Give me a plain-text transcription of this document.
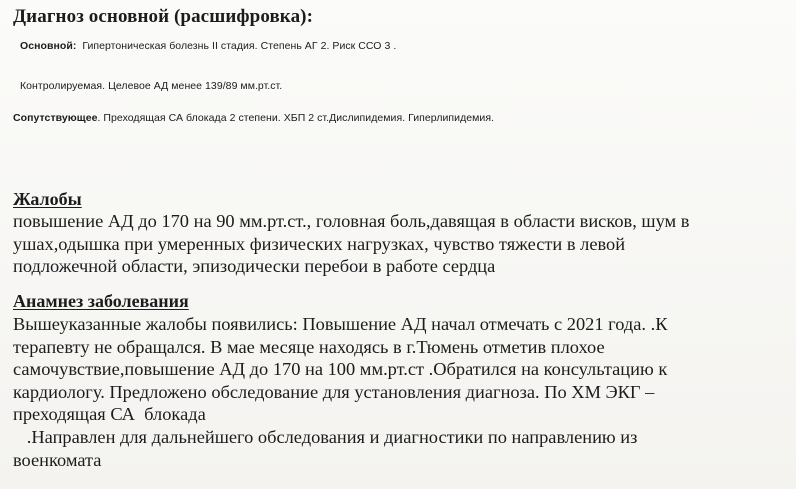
Диагноз основной (расшифровка):
Основной: Гипертоническая болезнь II стадия. Степень АГ 2. Риск ССО 3 .
Контролируемая. Целевое АД менее 139/89 мм.рт.ст.
Сопутствующее. Преходящая СА блокада 2 степени. ХБП 2 ст.Дислипидемия. Гиперлипидемия.
Жалобы
повышение АД до 170 на 90 мм.рт.ст., головная боль,давящая в области висков, шум в
ушах,одышка при умеренных физических нагрузках, чувство тяжести в левой
подложечной области, эпизодически перебои в работе сердца
Анамнез заболевания
Вышеуказанные жалобы появились: Повышение АД начал отмечать с 2021 года. .К
терапевту не обращался. В мае месяце находясь в г.Тюмень отметив плохое
самочувствие,повышение АД до 170 на 100 мм.рт.ст .Обратился на консультацию к
кардиологу. Предложено обследование для установления диагноза. По ХМ ЭКГ –
преходящая СА  блокада
.Направлен для дальнейшего обследования и диагностики по направлению из
военкомата
